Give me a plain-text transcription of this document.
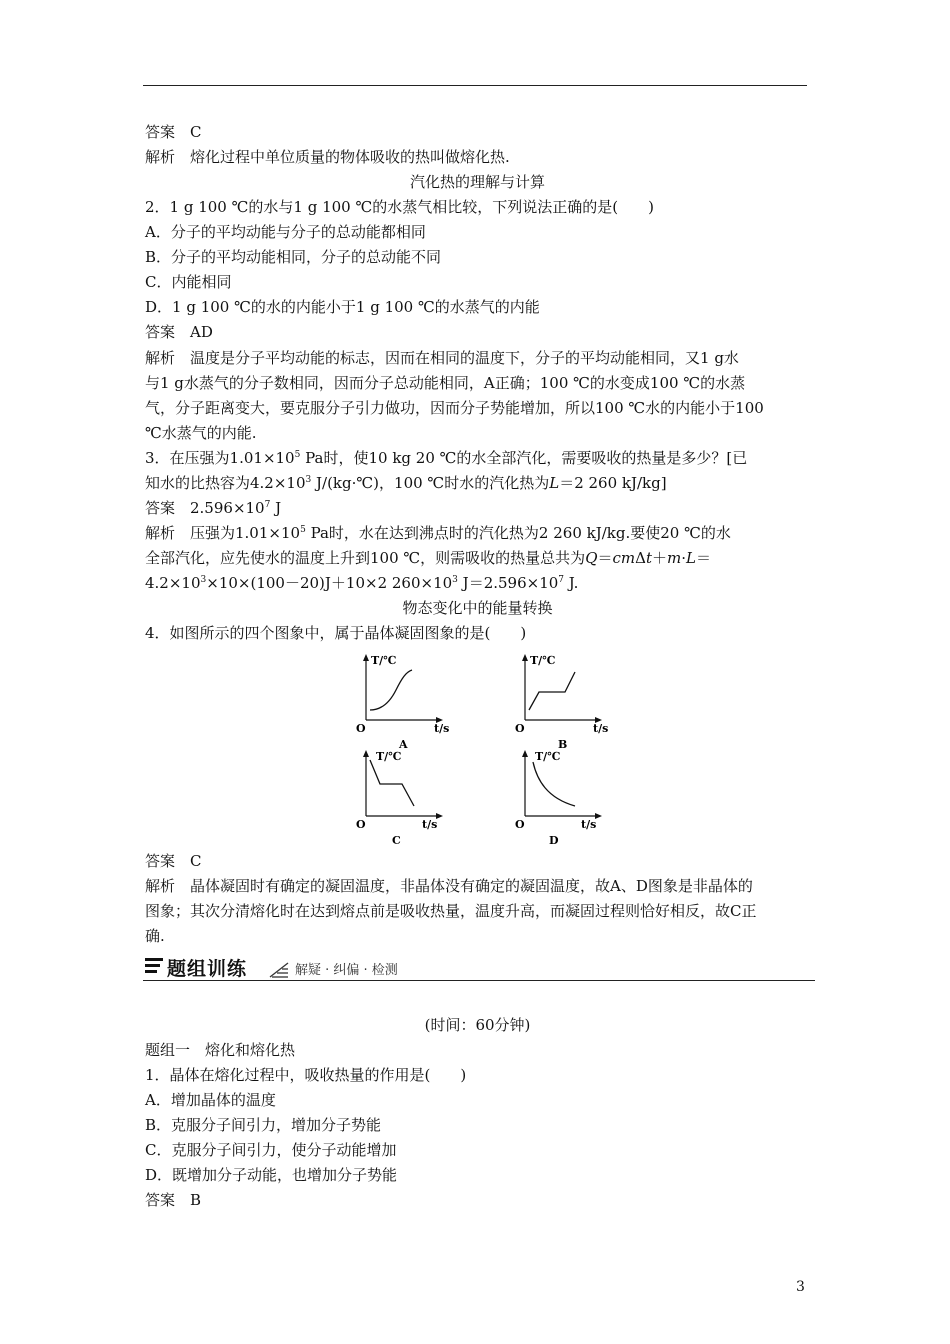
答案　C
解析　熔化过程中单位质量的物体吸收的热叫做熔化热.
汽化热的理解与计算
2．1 g 100 ℃的水与1 g 100 ℃的水蒸气相比较，下列说法正确的是(　　)
A．分子的平均动能与分子的总动能都相同
B．分子的平均动能相同，分子的总动能不同
C．内能相同
D．1 g 100 ℃的水的内能小于1 g 100 ℃的水蒸气的内能
答案　AD
解析　温度是分子平均动能的标志，因而在相同的温度下，分子的平均动能相同，又1 g水
与1 g水蒸气的分子数相同，因而分子总动能相同，A正确；100 ℃的水变成100 ℃的水蒸
气，分子距离变大，要克服分子引力做功，因而分子势能增加，所以100 ℃水的内能小于100
℃水蒸气的内能.
3．在压强为$1.01\times 10^5$ Pa时，使10 kg 20 ℃的水全部汽化，需要吸收的热量是多少？[已
知水的比热容为$4.2\times 10^3$ J/(kg·℃)，100 ℃时水的汽化热为L＝2 260 kJ/kg]
答案　$2.596\times 10^7$ J
解析　压强为$1.01\times 10^5$ Pa时，水在达到沸点时的汽化热为2 260 kJ/kg.要使20 ℃的水
全部汽化，应先使水的温度上升到100 ℃，则需吸收的热量总共为Q＝cmΔt＋m·L＝
$4.2\times 10^3\times 10\times(100-20)J+10\times 2$ $260\times 10^3$ $J=2.596\times 10^7$ J.
物态变化中的能量转换
4．如图所示的四个图象中，属于晶体凝固图象的是(　　)
T/℃
O	t/s
A
T/℃
O	t/s
B
T/℃
O	t/s
C
T/℃
O	t/s
D
答案　C
解析　晶体凝固时有确定的凝固温度，非晶体没有确定的凝固温度，故A、D图象是非晶体的
图象；其次分清熔化时在达到熔点前是吸收热量，温度升高，而凝固过程则恰好相反，故C正
确.
题组训练	解疑 · 纠偏 · 检测
(时间：60分钟)
题组一　熔化和熔化热
1．晶体在熔化过程中，吸收热量的作用是(　　)
A．增加晶体的温度
B．克服分子间引力，增加分子势能
C．克服分子间引力，使分子动能增加
D．既增加分子动能，也增加分子势能
答案　B
3
